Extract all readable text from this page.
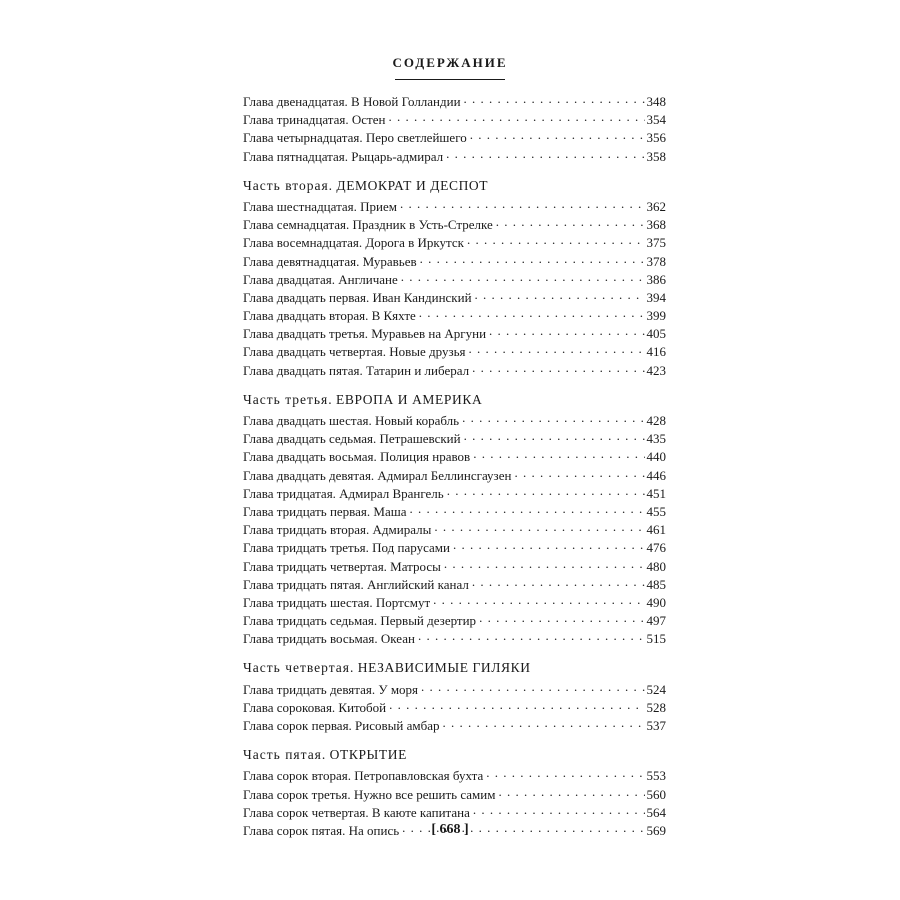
СОДЕРЖАНИЕ
Глава двенадцатая. В Новой Голландии . . .	348
Глава тринадцатая. Остен . . .	354
Глава четырнадцатая. Перо светлейшего . . .	356
Глава пятнадцатая. Рыцарь-адмирал . . .	358
Часть вторая. ДЕМОКРАТ И ДЕСПОТ
Глава шестнадцатая. Прием . . .	362
Глава семнадцатая. Праздник в Усть-Стрелке . . .	368
Глава восемнадцатая. Дорога в Иркутск . . .	375
Глава девятнадцатая. Муравьев . . .	378
Глава двадцатая. Англичане . . .	386
Глава двадцать первая. Иван Кандинский . . .	394
Глава двадцать вторая. В Кяхте . . .	399
Глава двадцать третья. Муравьев на Аргуни . . .	405
Глава двадцать четвертая. Новые друзья . . .	416
Глава двадцать пятая. Татарин и либерал . . .	423
Часть третья. ЕВРОПА И АМЕРИКА
Глава двадцать шестая. Новый корабль . . .	428
Глава двадцать седьмая. Петрашевский . . .	435
Глава двадцать восьмая. Полиция нравов . . .	440
Глава двадцать девятая. Адмирал Беллинсгаузен . . .	446
Глава тридцатая. Адмирал Врангель . . .	451
Глава тридцать первая. Маша . . .	455
Глава тридцать вторая. Адмиралы . . .	461
Глава тридцать третья. Под парусами . . .	476
Глава тридцать четвертая. Матросы . . .	480
Глава тридцать пятая. Английский канал . . .	485
Глава тридцать шестая. Портсмут . . .	490
Глава тридцать седьмая. Первый дезертир . . .	497
Глава тридцать восьмая. Океан . . .	515
Часть четвертая. НЕЗАВИСИМЫЕ ГИЛЯКИ
Глава тридцать девятая. У моря . . .	524
Глава сороковая. Китобой . . .	528
Глава сорок первая. Рисовый амбар . . .	537
Часть пятая. ОТКРЫТИЕ
Глава сорок вторая. Петропавловская бухта . . .	553
Глава сорок третья. Нужно все решить самим . . .	560
Глава сорок четвертая. В каюте капитана . . .	564
Глава сорок пятая. На опись . . .	569
[ 668 ]
